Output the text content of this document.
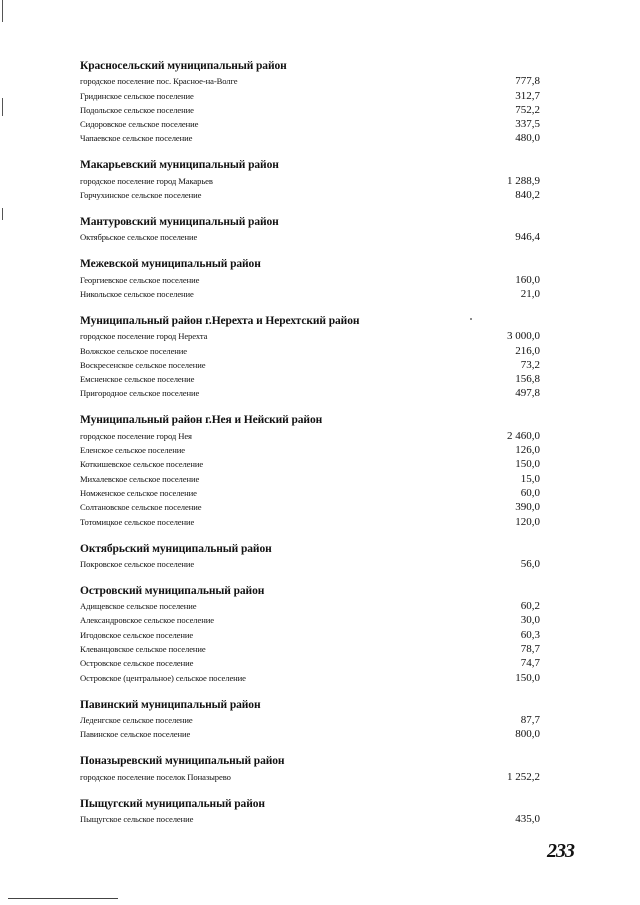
Красносельский муниципальный район
городское поселение пос. Красное-на-Волге	777,8
Гридинское сельское поселение	312,7
Подольское сельское поселение	752,2
Сидоровское сельское поселение	337,5
Чапаевское сельское поселение	480,0
Макарьевский муниципальный район
городское поселение город Макарьев	1 288,9
Горчухинское сельское поселение	840,2
Мантуровский муниципальный район
Октябрьское сельское поселение	946,4
Межевской муниципальный район
Георгиевское сельское поселение	160,0
Никольское сельское поселение	21,0
Муниципальный район г.Нерехта и Нерехтский район
городское поселение город Нерехта	3 000,0
Волжское сельское поселение	216,0
Воскресенское сельское поселение	73,2
Емсненское сельское поселение	156,8
Пригородное сельское поселение	497,8
Муниципальный район г.Нея и Нейский район
городское поселение город Нея	2 460,0
Еленское сельское поселение	126,0
Коткишевское сельское поселение	150,0
Михалевское сельское поселение	15,0
Номженское сельское поселение	60,0
Солтановское сельское поселение	390,0
Тотомицкое сельское поселение	120,0
Октябрьский муниципальный район
Покровское сельское поселение	56,0
Островский муниципальный район
Адищевское сельское поселение	60,2
Александровское сельское поселение	30,0
Игодовское сельское поселение	60,3
Клеванцовское сельское поселение	78,7
Островское сельское поселение	74,7
Островское (центральное) сельское поселение	150,0
Павинский муниципальный район
Леденгское сельское поселение	87,7
Павинское сельское поселение	800,0
Поназыревский муниципальный район
городское поселение поселок Поназырево	1 252,2
Пыщугский муниципальный район
Пыщугское сельское поселение	435,0
233
